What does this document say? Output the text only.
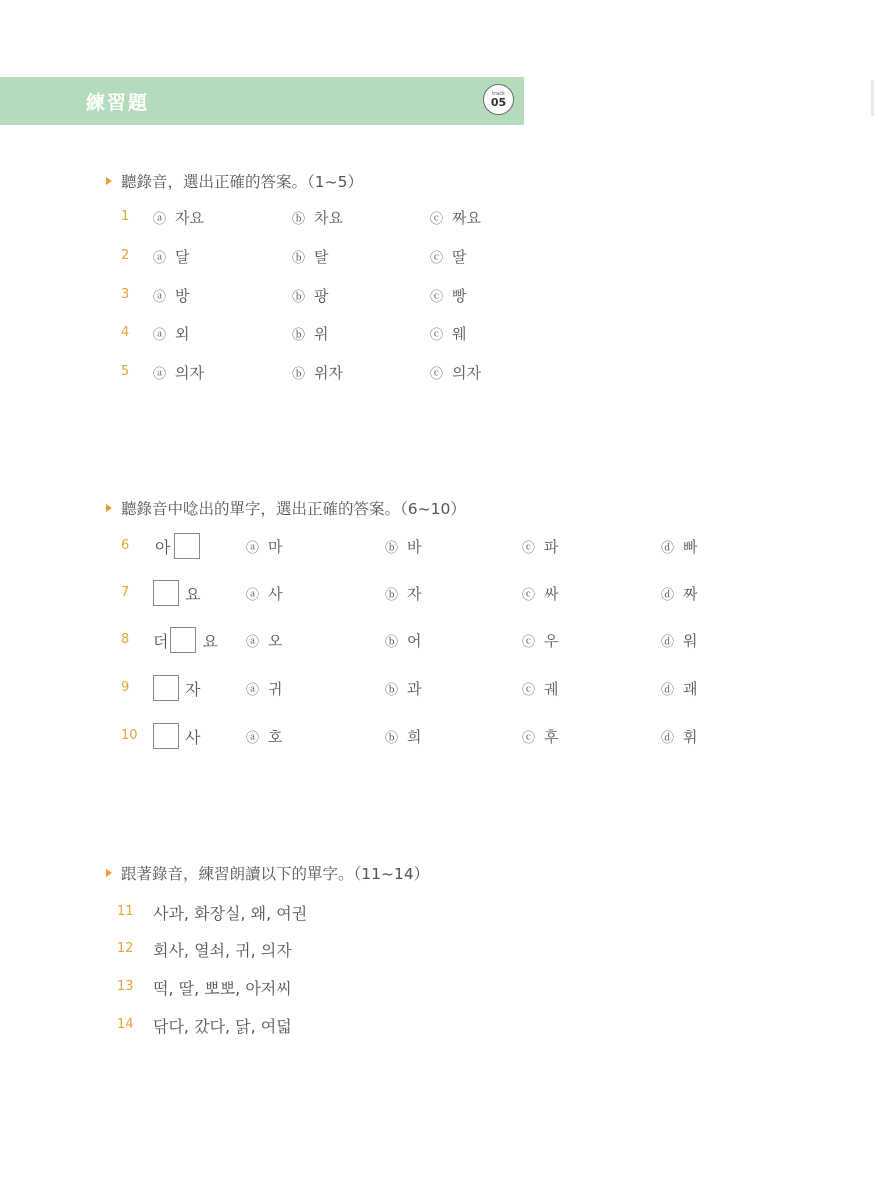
練習題	track
05
聽錄音，選出正確的答案。（1~5）
1 ⓐ 자요	ⓑ 차요	ⓒ 짜요
2 ⓐ 달	ⓑ 탈	ⓒ 딸
3 ⓐ 방	ⓑ 팡	ⓒ 빵
4 ⓐ 외	ⓑ 위	ⓒ 웨
5 ⓐ 의자	ⓑ 위자	ⓒ 의자
聽錄音中唸出的單字，選出正確的答案。（6~10）
6 아	ⓐ 마	ⓑ 바	ⓒ 파	ⓓ 빠
7	요	ⓐ 사	ⓑ 자	ⓒ 싸	ⓓ 짜
8 더 요 ⓐ 오	ⓑ 어	ⓒ 우	ⓓ 워
9	자	ⓐ 귀	ⓑ 과	ⓒ 궤	ⓓ 괘
10	사	ⓐ 호	ⓑ 희	ⓒ 후	ⓓ 휘
跟著錄音，練習朗讀以下的單字。（11~14）
11 사과, 화장실, 왜, 여권
12 회사, 열쇠, 귀, 의자
13 떡, 딸, 뽀뽀, 아저씨
14 닦다, 갔다, 닭, 여덟
